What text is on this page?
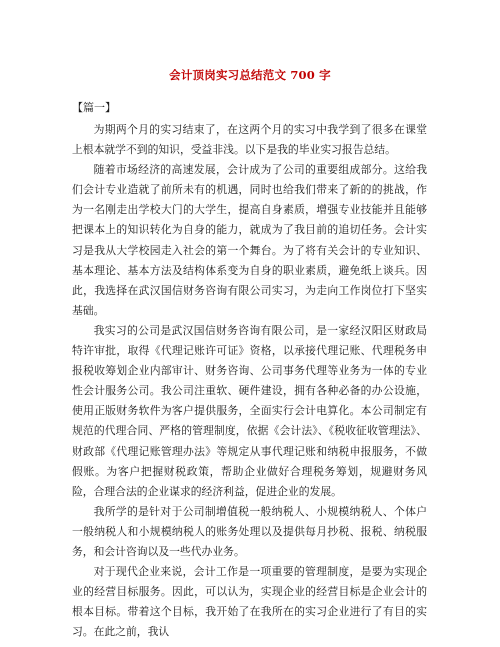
会计顶岗实习总结范文 700 字
【篇一】

为期两个月的实习结束了，在这两个月的实习中我学到了很多在课堂上根本就学不到的知识，受益非浅。以下是我的毕业实习报告总结。

随着市场经济的高速发展，会计成为了公司的重要组成部分。这给我们会计专业造就了前所未有的机遇，同时也给我们带来了新的的挑战，作为一名刚走出学校大门的大学生，提高自身素质，增强专业技能并且能够把课本上的知识转化为自身的能力，就成为了我目前的追切任务。会计实习是我从大学校园走入社会的第一个舞台。为了将有关会计的专业知识、基本理论、基本方法及结构体系变为自身的职业素质，避免纸上谈兵。因此，我选择在武汉国信财务咨询有限公司实习，为走向工作岗位打下坚实基础。

我实习的公司是武汉国信财务咨询有限公司，是一家经汉阳区财政局特许审批，取得《代理记账许可证》资格，以承接代理记账、代理税务申报税收筹划企业内部审计、财务咨询、公司事务代理等业务为一体的专业性会计服务公司。我公司注重软、硬件建设，拥有各种必备的办公设施，使用正版财务软件为客户提供服务，全面实行会计电算化。本公司制定有规范的代理合同、严格的管理制度，依据《会计法》、《税收征收管理法》、财政部《代理记账管理办法》等规定从事代理记账和纳税申报服务，不做假账。为客户把握财税政策，帮助企业做好合理税务筹划，规避财务风险，合理合法的企业谋求的经济利益，促进企业的发展。

我所学的是针对于公司制增值税一般纳税人、小规模纳税人、个体户一般纳税人和小规模纳税人的账务处理以及提供每月抄税、报税、纳税服务，和会计咨询以及一些代办业务。

对于现代企业来说，会计工作是一项重要的管理制度，是要为实现企业的经营目标服务。因此，可以认为，实现企业的经营目标是企业会计的根本目标。带着这个目标，我开始了在我所在的实习企业进行了有目的实习。在此之前，我认
